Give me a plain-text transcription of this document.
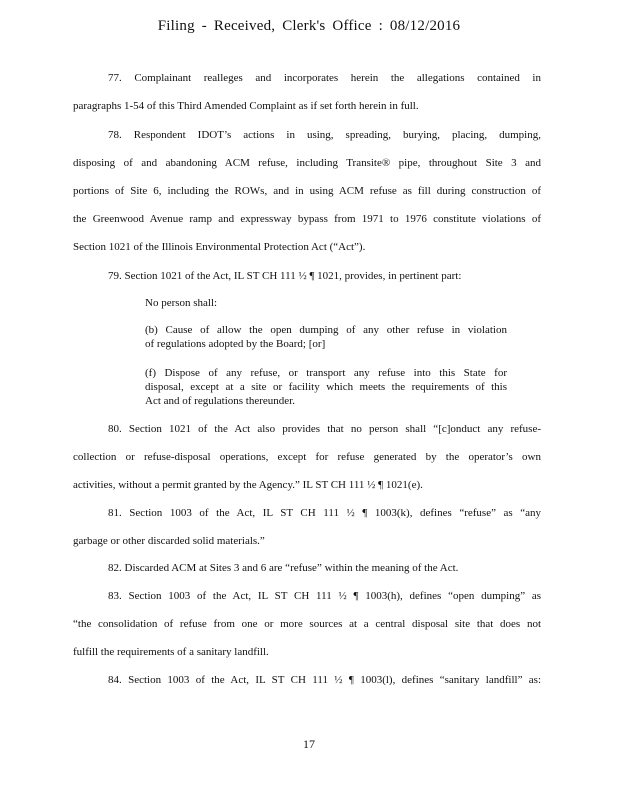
Filing - Received, Clerk's Office : 08/12/2016
77. Complainant realleges and incorporates herein the allegations contained in
paragraphs 1-54 of this Third Amended Complaint as if set forth herein in full.
78. Respondent IDOT’s actions in using, spreading, burying, placing, dumping,
disposing of and abandoning ACM refuse, including Transite® pipe, throughout Site 3 and
portions of Site 6, including the ROWs, and in using ACM refuse as fill during construction of
the Greenwood Avenue ramp and expressway bypass from 1971 to 1976 constitute violations of
Section 1021 of the Illinois Environmental Protection Act (“Act”).
79. Section 1021 of the Act, IL ST CH 111 ½ ¶ 1021, provides, in pertinent part:
No person shall:
(b) Cause of allow the open dumping of any other refuse in violation
of regulations adopted by the Board; [or]
(f) Dispose of any refuse, or transport any refuse into this State for
disposal, except at a site or facility which meets the requirements of this
Act and of regulations thereunder.
80. Section 1021 of the Act also provides that no person shall “[c]onduct any refuse-
collection or refuse-disposal operations, except for refuse generated by the operator’s own
activities, without a permit granted by the Agency.” IL ST CH 111 ½ ¶ 1021(e).
81. Section 1003 of the Act, IL ST CH 111 ½ ¶ 1003(k), defines “refuse” as “any
garbage or other discarded solid materials.”
82. Discarded ACM at Sites 3 and 6 are “refuse” within the meaning of the Act.
83. Section 1003 of the Act, IL ST CH 111 ½ ¶ 1003(h), defines “open dumping” as
“the consolidation of refuse from one or more sources at a central disposal site that does not
fulfill the requirements of a sanitary landfill.
84. Section 1003 of the Act, IL ST CH 111 ½ ¶ 1003(l), defines “sanitary landfill” as:
17
